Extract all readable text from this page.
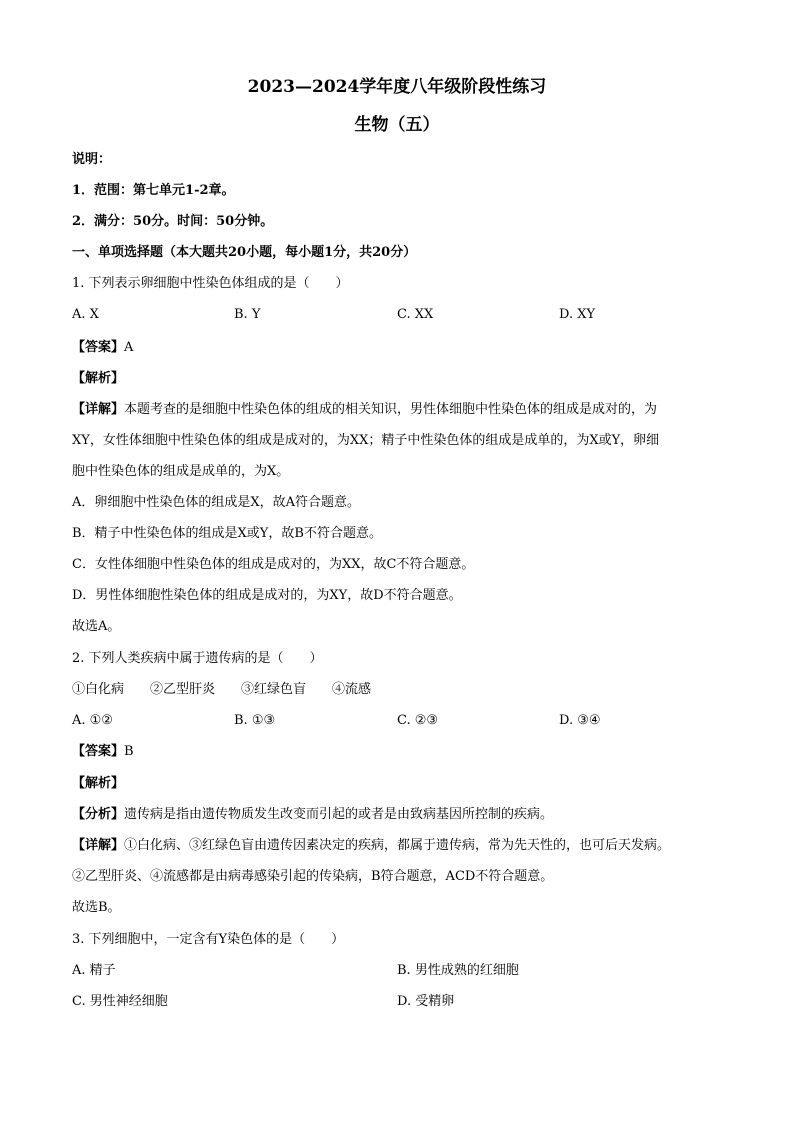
2023—2024学年度八年级阶段性练习
生物（五）
说明：
1．范围：第七单元1-2章。
2．满分：50分。时间：50分钟。
一、单项选择题（本大题共20小题，每小题1分，共20分）
1. 下列表示卵细胞中性染色体组成的是（　　）
A. X	B. Y	C. XX	D. XY
【答案】A
【解析】
【详解】本题考查的是细胞中性染色体的组成的相关知识，男性体细胞中性染色体的组成是成对的，为
XY，女性体细胞中性染色体的组成是成对的，为XX；精子中性染色体的组成是成单的，为X或Y，卵细
胞中性染色体的组成是成单的，为X。
A．卵细胞中性染色体的组成是X，故A符合题意。
B．精子中性染色体的组成是X或Y，故B不符合题意。
C．女性体细胞中性染色体的组成是成对的，为XX，故C不符合题意。
D．男性体细胞性染色体的组成是成对的，为XY，故D不符合题意。
故选A。
2. 下列人类疾病中属于遗传病的是（　　）
①白化病　　②乙型肝炎　　③红绿色盲　　④流感
A. ①②	B. ①③	C. ②③	D. ③④
【答案】B
【解析】
【分析】遗传病是指由遗传物质发生改变而引起的或者是由致病基因所控制的疾病。
【详解】①白化病、③红绿色盲由遗传因素决定的疾病，都属于遗传病，常为先天性的，也可后天发病。
②乙型肝炎、④流感都是由病毒感染引起的传染病，B符合题意，ACD不符合题意。
故选B。
3. 下列细胞中，一定含有Y染色体的是（　　）
A. 精子	B. 男性成熟的红细胞
C. 男性神经细胞	D. 受精卵
